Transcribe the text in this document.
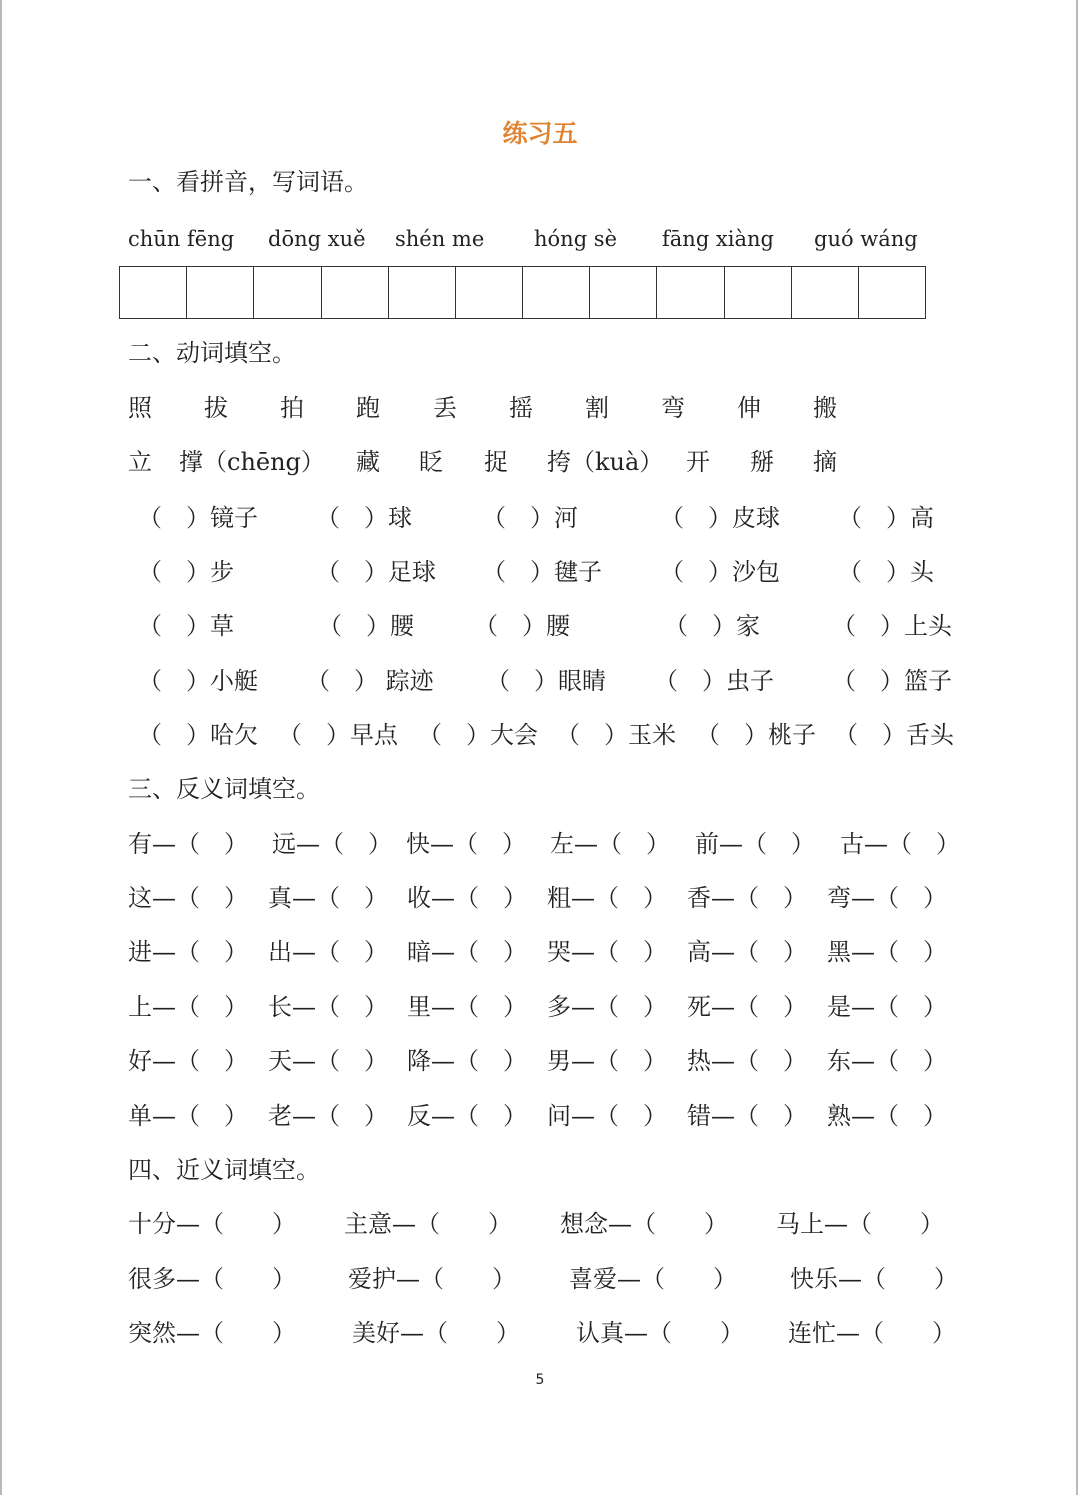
练习五
一、看拼音，写词语。
chūn fēng dōng xuě shén me hóng sè fāng xiàng guó wáng
二、动词填空。
照 拔 拍 跑 丢 摇 割 弯 伸 搬
立 撑（chēng） 藏 眨 捉 挎（kuà） 开 掰 摘
（　）镜子 （　）球	（　）河	（　）皮球 （　）高
（　）步	（　）足球 （　）毽子 （　）沙包 （　）头
（　）草	（　）腰	（　）腰	（　）家	（　）上头
（　）小艇 （　） 踪迹 （　）眼睛 （　）虫子 （　）篮子
（　）哈欠 （　）早点 （　）大会 （　）玉米 （　）桃子 （　）舌头
三、反义词填空。
有—（　） 远—（　） 快—（　） 左—（　） 前—（　） 古—（　）
这—（　） 真—（　） 收—（　） 粗—（　） 香—（　） 弯—（　）
进—（　） 出—（　） 暗—（　） 哭—（　） 高—（　） 黑—（　）
上—（　） 长—（　） 里—（　） 多—（　） 死—（　） 是—（　）
好—（　） 天—（　） 降—（　） 男—（　） 热—（　） 东—（　）
单—（　） 老—（　） 反—（　） 问—（　） 错—（　） 熟—（　）
四、近义词填空。
十分—（　　） 主意—（　　） 想念—（　　） 马上—（　　）
很多—（　　） 爱护—（　　） 喜爱—（　　） 快乐—（　　）
突然—（　　） 美好—（　　） 认真—（　　） 连忙—（　　）
5
